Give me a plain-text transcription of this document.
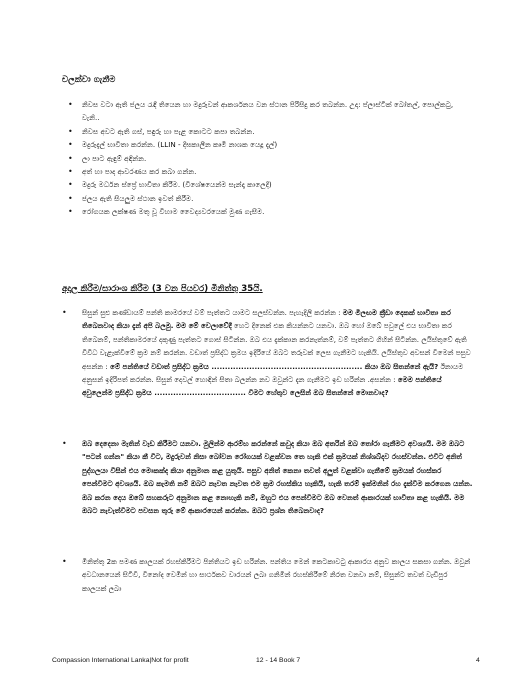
චලක්වා ගැනීම
• නිවස වටා ඇති ජලය රැඳී තියෙන හා මදුරුවන් ආකර්ශනය වන ස්ථාන පිරිසිදු කර තබන්න. උදා: ප්ලාස්ටික් බෝතල්, පොල්කටු, වැනි..
• නිවස අවට ඇති ගස්, පඳුරු හා පැළ කොටට කපා තබන්න.
• මදුරුදැල් භාවිතා කරන්න. (LLIN - දීඝකාලීන කෘමි නාශක යෙදූ දැල්)
• ලා පාට ඇඳුම් අඳින්න.
• අත් හා පාද ආවරණය කර කබා ගන්න.
• මදුරු මර්ධන ස්ප්‍රේ භාවිතා කිරීම. (විශේෂයෙන්ම සැන්දෑ කාලෙදී)
• ජලය ඇති සියලුම ස්ථාන ඉවත් කිරීම.
• රෝගයක ලක්ෂණ මතු වූ විහාම වෛද්‍යවරයෙක් මුණ ගැසීම.
අදාල කිරීම/සාරාංශ කිරීම (3 වන පියවර) මිනිත්තු 35යි.
• සිසුන් සුළු කණ්ඩායම් පන්ති කාමරයේ වම් පැත්තට යාමට සලස්වන්න. පැහැදිලි කරන්න : මම මීලඟම ක්‍රීඩා දෙකක් භාවිතා කර තිබෙනවාද කියා දැන් අපි බලමු. මම මේ වෙලාවේදී හෙට දිනෙක් එක කියන්නට යනවා. ඔබ හෝ ඔබේ පවුලේ එය භාවිතා කර තිබෙනම්, පන්තිකාමරයේ දකුණු පැත්තට ගොස් සිටින්න. ඔබ එය දැක්කාන කරනැත්නම්, වම් පැත්තට ගිහින් සිටින්න. ලයිස්තුවේ ඇති විවිධ වැළැක්වීමේ ක්‍රම නම් කරන්න. වඩාත් ප්‍රසිද්ධ ක්‍රමය ඉදිරියේ ඔබට තරුවක් ලෙස ගැනීමට හැකියි. ලයිස්තුව අවසන් වීමෙන් පසුව අසන්න : මේ පන්තියේ වඩාත් ප්‍රසිද්ධ ක්‍රමය ........................................................ කියා ඔබ සිතන්නේ ඇයි? ඊනායම අනුසන් ඉදිරිපත් කරන්න. සිසුන් දෙවල් හොඳින් සිතා බලන්න නව ඔවුන්ට දැන ගැනීමට ඉඩ හරින්න .අසන්න : මෙම පන්තියේ අවුලෙන්ම ප්‍රසිද්ධ ක්‍රමය .................................. වීමට හේතුව ලෙසින් ඔබ සිතන්නේ මොනවාද?
• ඔබ දෙදෙනා මැතින් වැඩ කිරීමට යනවා. මුලින්ම ආරම්භ කරන්නේ කවුද කියා ඔබ අතරින් ඔබ තෝරා ගැනීමට අවශ්‍යයි. මම ඔබට "පටන් ගන්න" කියා කී විට, මදුරුවන් නිසා බෝවන රෝගයක් වළක්වන තෙ හැකි එක් ක්‍රමයක් නිශ්ශබ්දව රහස්වන්න. එවිට අනිත් පුද්ගලයා විසින් එය මොකක්ද කියා අනුමාන කළ යුතුයි. පසුව අනිත් කෙනා තවත් අලුත් වළක්වා ගැනීමේ ක්‍රමයක් රහස්කර පෙන්වීමට අවශ්‍යයි. ඔබ කැමති නම් ඔබට නැවත නැවත එම ක්‍රම රහස්කිය හැකියි, හැකි තරම් ඉක්මනින් රහ දැක්වීම කරගෙන යන්න. ඔබ කරන දෙය ඔබේ සහකරුට අනුමාන කළ නොහැකි නම්, ඔහුට එය පෙන්වීමට ඔබ වෙනත් ආකාරයක් භාවිතා කළ හැකියි. මම ඔබට නැවැත්වීමට පවසන තුරු මේ ආකාරයෙන් කරන්න. ඔබට ප්‍රශ්න තිබෙනවාද?
• මිනිත්තු 2ක පමණ කාලයක් රහස්කිරීමට පින්තියට ඉඩ හරින්න. පන්තිය මෙන් කෙටකාවටු ආකාරය අනුව කාලය සකසා ගන්න. ඔවුන් අවධානයෙන් සිටිවී, විනෝද වෙමින් හා සාර්ථකව වාරයන් ලබා ගනිමින් රහස්කිරීමේ නිරත වනවා නම්, සිසුන්ට තවත් වැඩිපුර කාලයක් ලබා
Compassion International Lanka|Not for profit	12 - 14 Book 7	4
